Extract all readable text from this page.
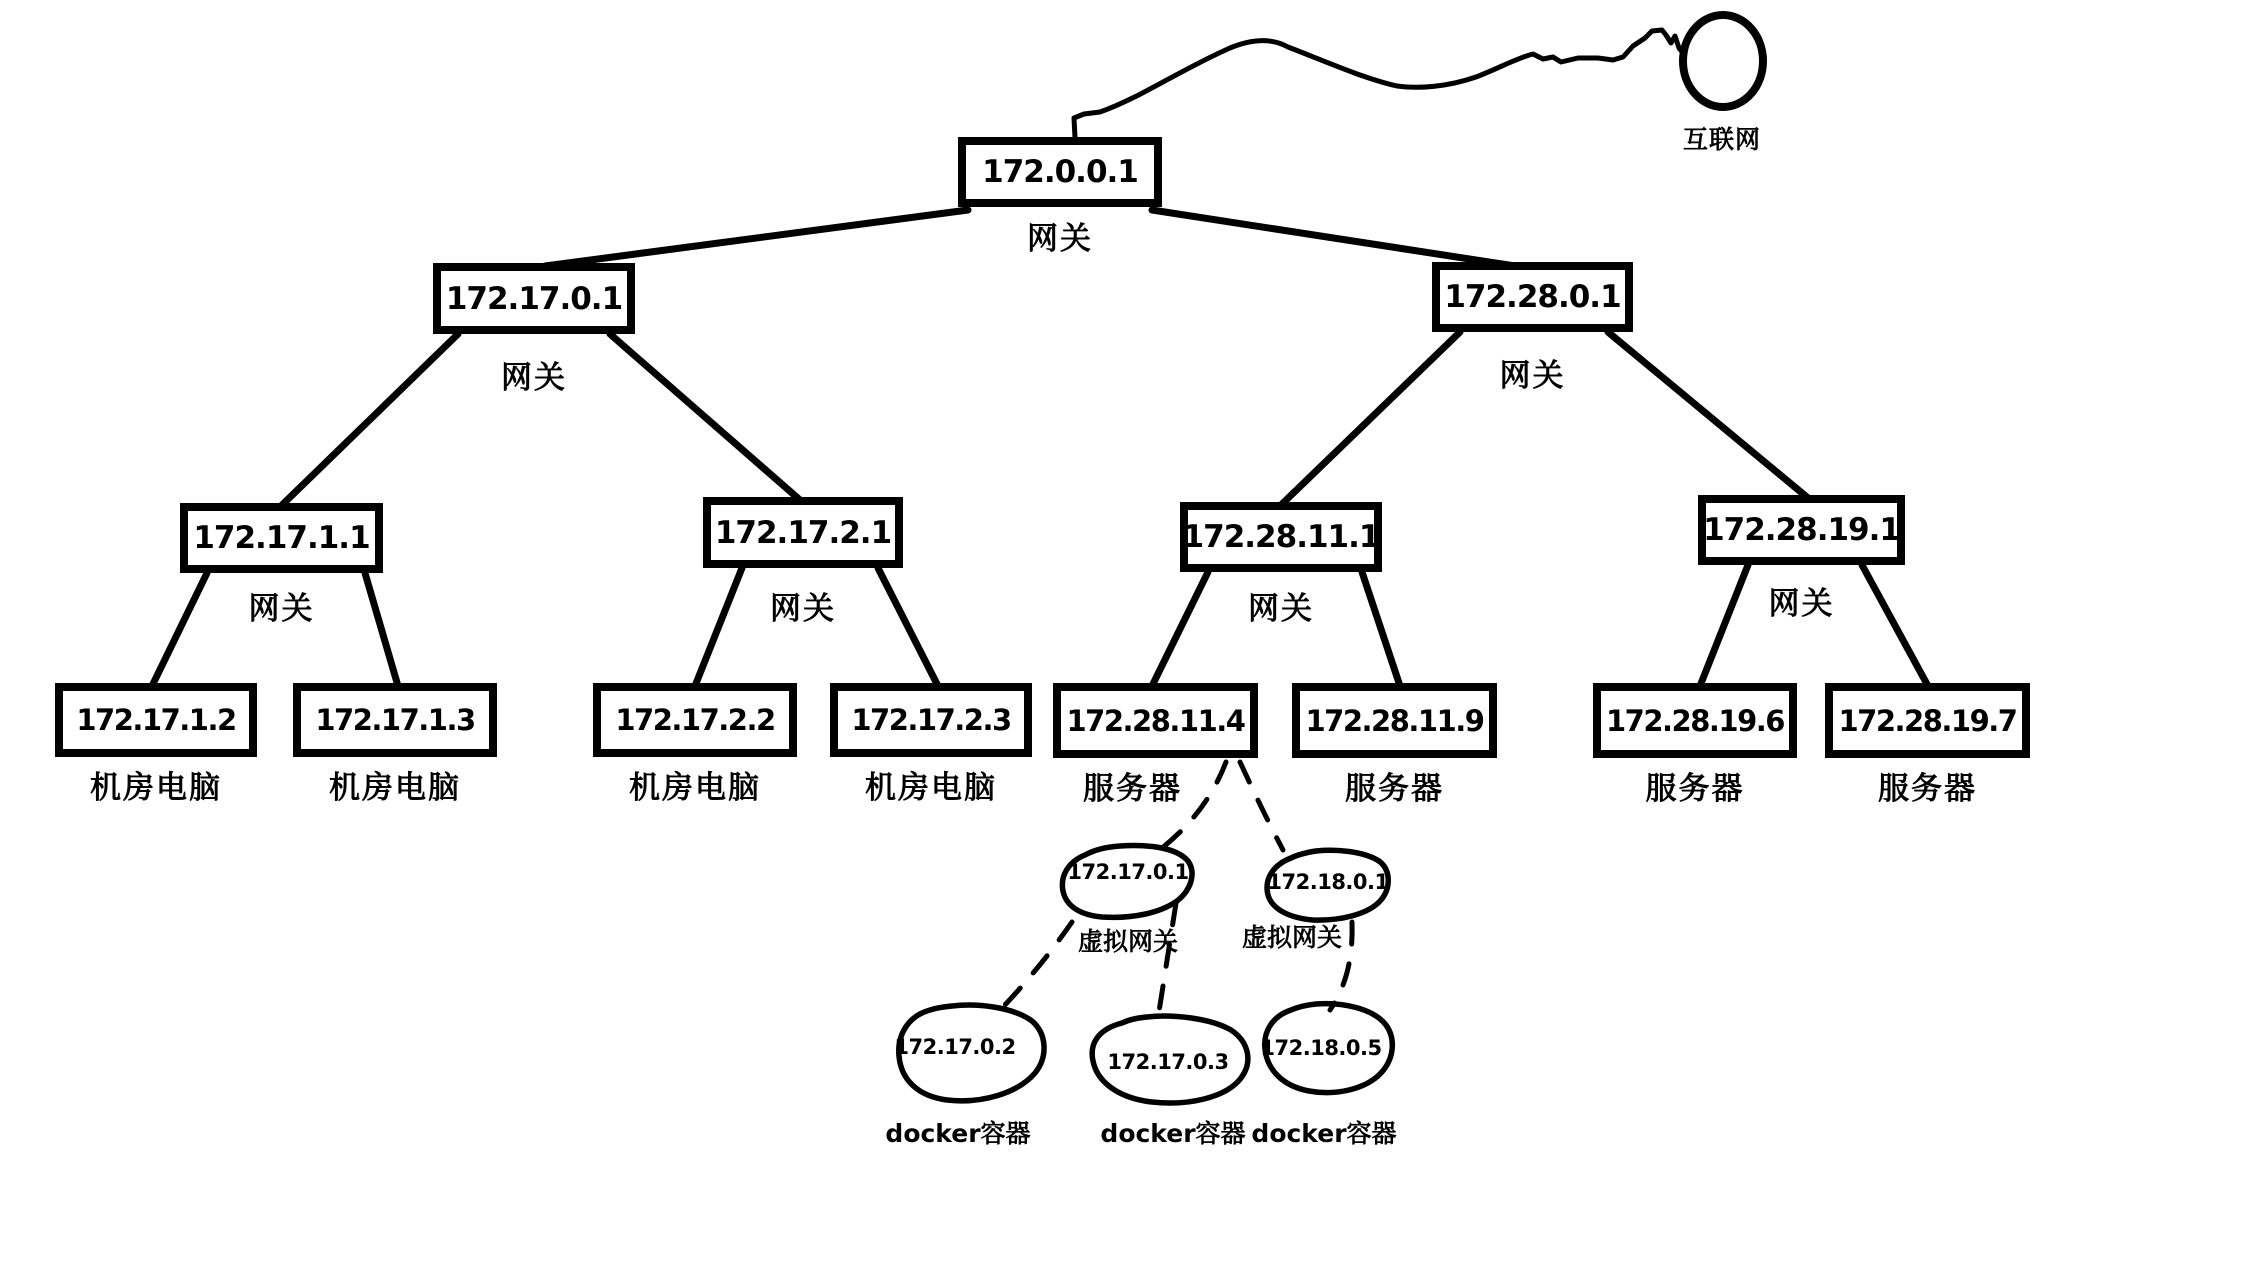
互联网
172.0.0.1
网关
172.17.0.1
网关
172.28.0.1
网关
172.17.1.1
网关
172.17.2.1
网关
172.28.11.1
网关
172.28.19.1
网关
172.17.1.2
机房电脑
172.17.1.3
机房电脑
172.17.2.2
机房电脑
172.17.2.3
机房电脑
172.28.11.4
服务器
172.28.11.9
服务器
172.28.19.6
服务器
172.28.19.7
服务器
172.17.0.1
虚拟网关
172.18.0.1
虚拟网关
172.17.0.2
docker容器
172.17.0.3
docker容器
172.18.0.5
docker容器
